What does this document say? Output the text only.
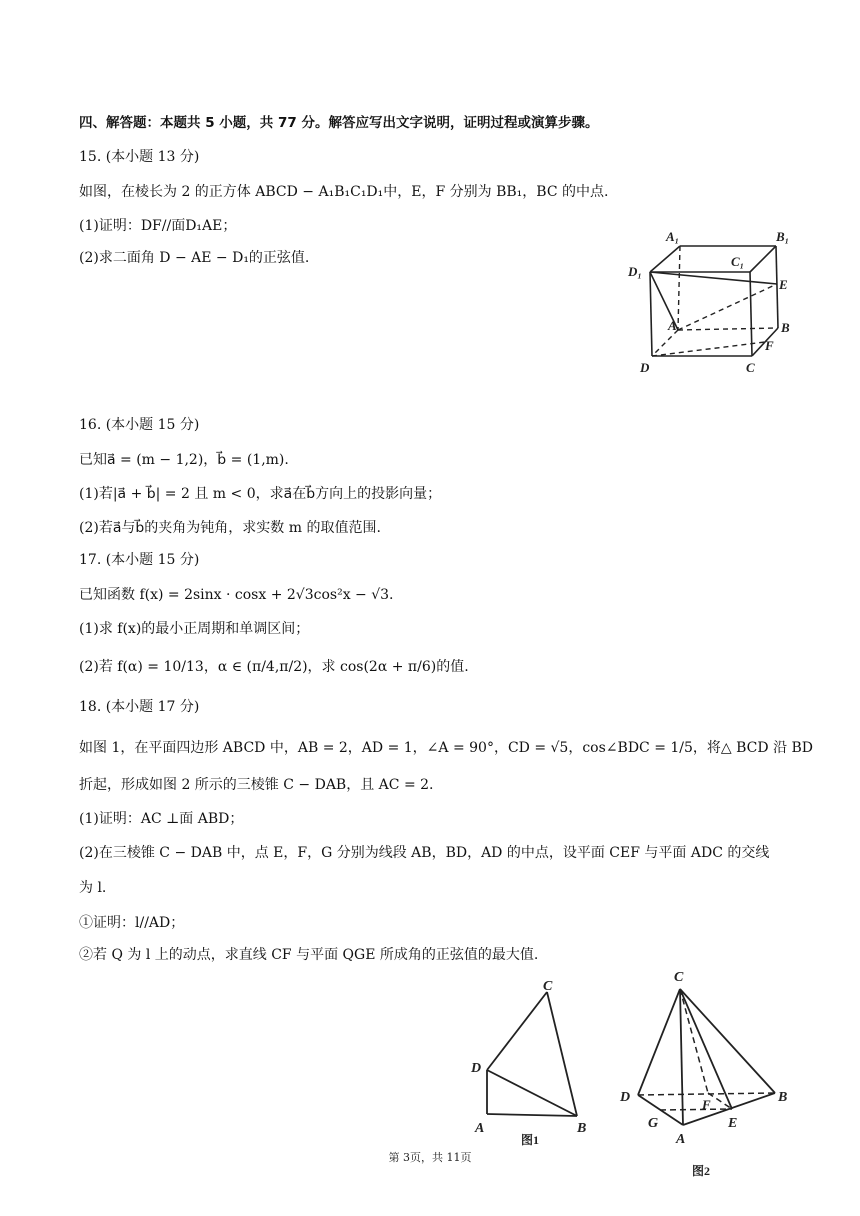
四、解答题：本题共 5 小题，共 77 分。解答应写出文字说明，证明过程或演算步骤。
15. (本小题 13 分)
如图，在棱长为 2 的正方体 ABCD − A₁B₁C₁D₁中，E，F 分别为 BB₁，BC 的中点.
(1)证明：DF//面D₁AE；
(2)求二面角 D − AE − D₁的正弦值.
A₁	B₁
C₁
D₁
E
A	B
F
D	C
16. (本小题 15 分)
已知a⃗ = (m − 1,2)，b⃗ = (1,m).
(1)若|a⃗ + b⃗| = 2 且 m < 0，求a⃗在b⃗方向上的投影向量；
(2)若a⃗与b⃗的夹角为钝角，求实数 m 的取值范围.
17. (本小题 15 分)
已知函数 f(x) = 2sinx · cosx + 2√3cos²x − √3.
(1)求 f(x)的最小正周期和单调区间；
(2)若 f(α) = 10/13，α ∈ (π/4,π/2)，求 cos(2α + π/6)的值.
18. (本小题 17 分)
如图 1，在平面四边形 ABCD 中，AB = 2，AD = 1，∠A = 90°，CD = √5，cos∠BDC = 1/5，将△ BCD 沿 BD
折起，形成如图 2 所示的三棱锥 C − DAB，且 AC = 2.
(1)证明：AC ⊥面 ABD；
(2)在三棱锥 C − DAB 中，点 E，F，G 分别为线段 AB，BD，AD 的中点，设平面 CEF 与平面 ADC 的交线
为 l.
①证明：l//AD；
②若 Q 为 l 上的动点，求直线 CF 与平面 QGE 所成角的正弦值的最大值.
C
D
A	B
图1
C
D	B
F
G	E
A
图2
第 3页，共 11页
